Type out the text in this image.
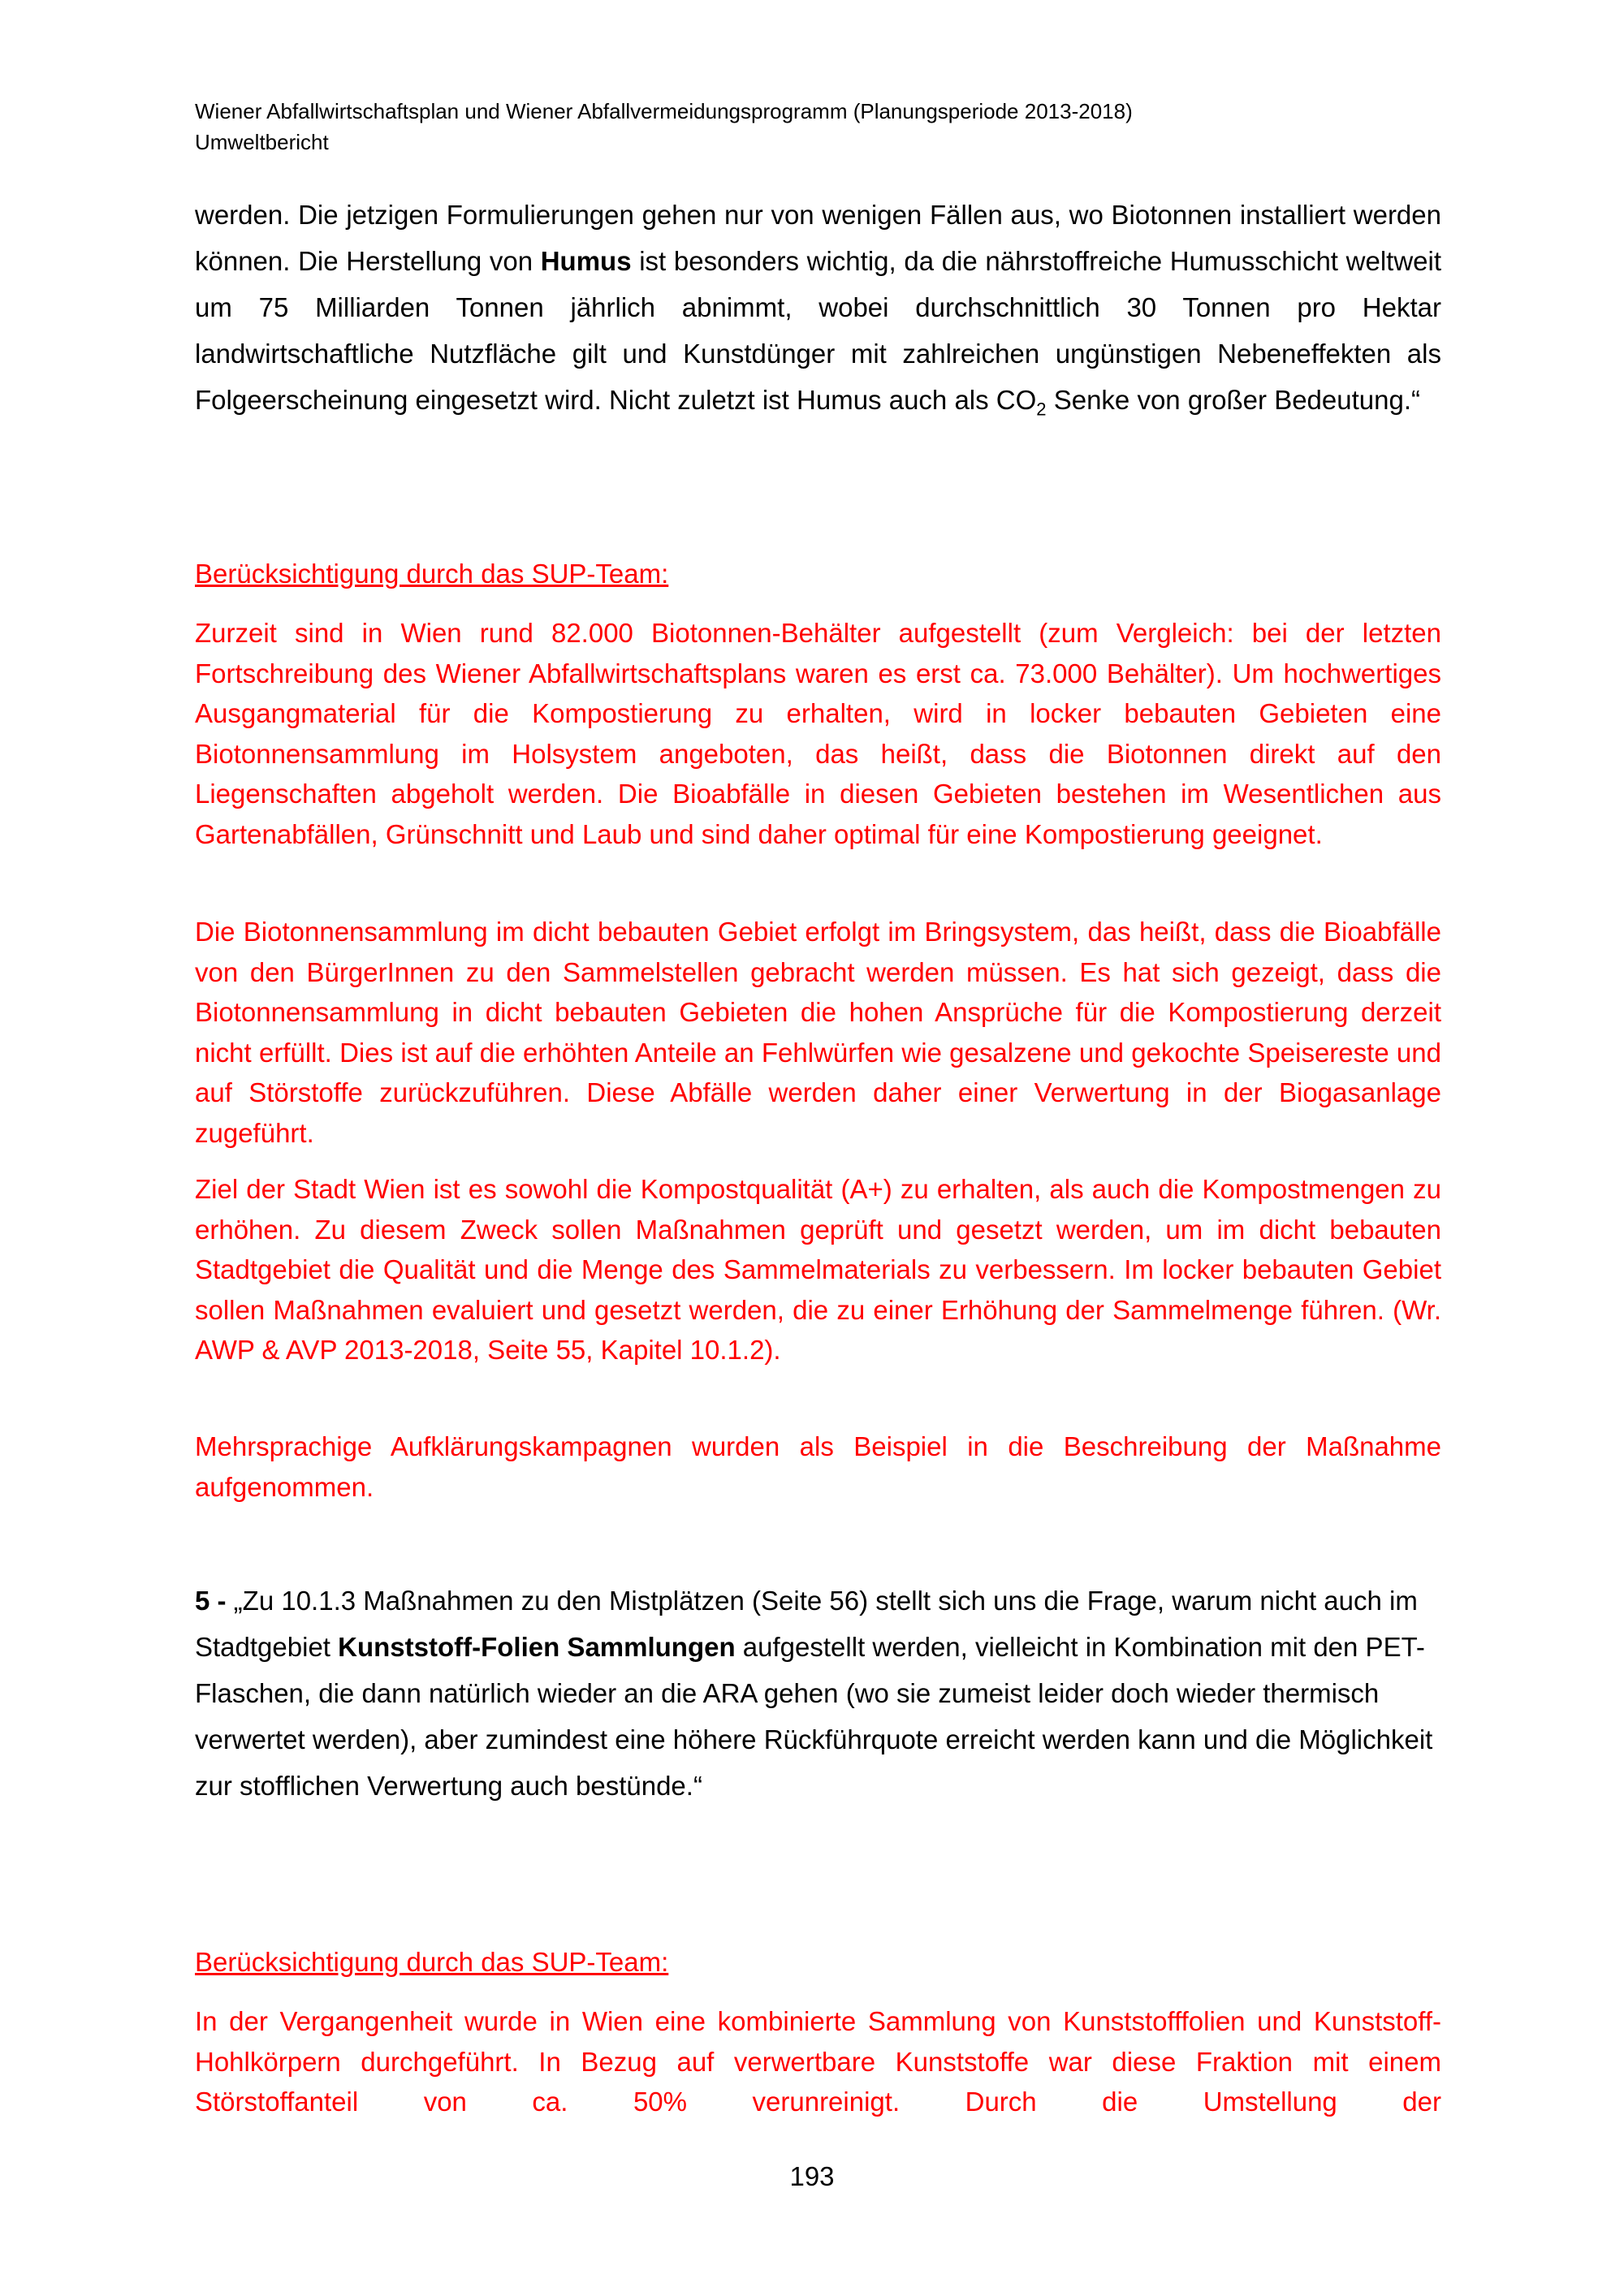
Wiener Abfallwirtschaftsplan und Wiener Abfallvermeidungsprogramm (Planungsperiode 2013-2018)
Umweltbericht

werden. Die jetzigen Formulierungen gehen nur von wenigen Fällen aus, wo Biotonnen installiert werden können. Die Herstellung von Humus ist besonders wichtig, da die nährstoffreiche Humusschicht weltweit um 75 Milliarden Tonnen jährlich abnimmt, wobei durchschnittlich 30 Tonnen pro Hektar landwirtschaftliche Nutzfläche gilt und Kunstdünger mit zahlreichen ungünstigen Nebeneffekten als Folgeerscheinung eingesetzt wird. Nicht zuletzt ist Humus auch als $CO_2$ Senke von großer Bedeutung.“

Berücksichtigung durch das SUP-Team:

Zurzeit sind in Wien rund 82.000 Biotonnen-Behälter aufgestellt (zum Vergleich: bei der letzten Fortschreibung des Wiener Abfallwirtschaftsplans waren es erst ca. 73.000 Behälter). Um hochwertiges Ausgangmaterial für die Kompostierung zu erhalten, wird in locker bebauten Gebieten eine Biotonnensammlung im Holsystem angeboten, das heißt, dass die Biotonnen direkt auf den Liegenschaften abgeholt werden. Die Bioabfälle in diesen Gebieten bestehen im Wesentlichen aus Gartenabfällen, Grünschnitt und Laub und sind daher optimal für eine Kompostierung geeignet.

Die Biotonnensammlung im dicht bebauten Gebiet erfolgt im Bringsystem, das heißt, dass die Bioabfälle von den BürgerInnen zu den Sammelstellen gebracht werden müssen. Es hat sich gezeigt, dass die Biotonnensammlung in dicht bebauten Gebieten die hohen Ansprüche für die Kompostierung derzeit nicht erfüllt. Dies ist auf die erhöhten Anteile an Fehlwürfen wie gesalzene und gekochte Speisereste und auf Störstoffe zurückzuführen. Diese Abfälle werden daher einer Verwertung in der Biogasanlage zugeführt.

Ziel der Stadt Wien ist es sowohl die Kompostqualität (A+) zu erhalten, als auch die Kompostmengen zu erhöhen. Zu diesem Zweck sollen Maßnahmen geprüft und gesetzt werden, um im dicht bebauten Stadtgebiet die Qualität und die Menge des Sammelmaterials zu verbessern. Im locker bebauten Gebiet sollen Maßnahmen evaluiert und gesetzt werden, die zu einer Erhöhung der Sammelmenge führen. (Wr. AWP & AVP 2013-2018, Seite 55, Kapitel 10.1.2).

Mehrsprachige Aufklärungskampagnen wurden als Beispiel in die Beschreibung der Maßnahme aufgenommen.

5 - „Zu 10.1.3 Maßnahmen zu den Mistplätzen (Seite 56) stellt sich uns die Frage, warum nicht auch im Stadtgebiet Kunststoff-Folien Sammlungen aufgestellt werden, vielleicht in Kombination mit den PET-Flaschen, die dann natürlich wieder an die ARA gehen (wo sie zumeist leider doch wieder thermisch verwertet werden), aber zumindest eine höhere Rückführquote erreicht werden kann und die Möglichkeit zur stofflichen Verwertung auch bestünde.“

Berücksichtigung durch das SUP-Team:

In der Vergangenheit wurde in Wien eine kombinierte Sammlung von Kunststofffolien und Kunststoff-Hohlkörpern durchgeführt. In Bezug auf verwertbare Kunststoffe war diese Fraktion mit einem Störstoffanteil von ca. 50% verunreinigt. Durch die Umstellung der

193
